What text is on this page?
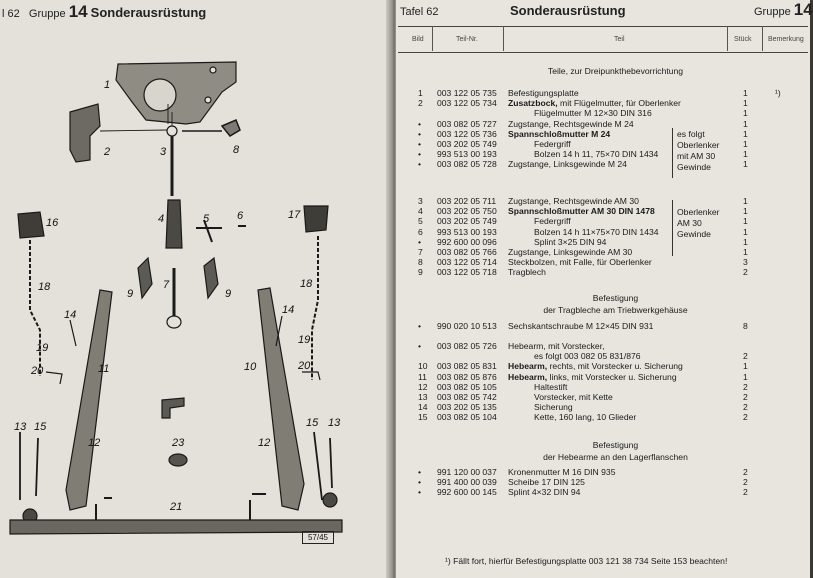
l 62 Gruppe 14 Sonderausrüstung
1
2	3	8
4	5	6
7
9	9
10
11
12	12
13	13
14	14
15	15
16
17
18	18
19
19
20	20
21
23
57/45
Tafel 62	Sonderausrüstung	Gruppe 14
Bild	Teil-Nr.	Teil	Stück Bemerkung
Teile, zur Dreipunkthebevorrichtung
1 003 122 05 735 Befestigungsplatte	1	¹)
2 003 122 05 734 Zusatzbock, mit Flügelmutter, für Oberlenker	1
Flügelmutter M 12×30 DIN 316	1
• 003 082 05 727 Zugstange, Rechtsgewinde M 24	1
• 003 122 05 736 Spannschloßmutter M 24	1
• 003 202 05 749	Federgriff	1
• 993 513 00 193	Bolzen 14 h 11, 75×70 DIN 1434	1
• 003 082 05 728 Zugstange, Linksgewinde M 24	1
3 003 202 05 711 Zugstange, Rechtsgewinde AM 30	1
4 003 202 05 750 Spannschloßmutter AM 30 DIN 1478	1
5 003 202 05 749	Federgriff	1
6 993 513 00 193	Bolzen 14 h 11×75×70 DIN 1434	1
• 992 600 00 096	Splint 3×25 DIN 94	1
7 003 082 05 766 Zugstange, Linksgewinde AM 30	1
8 003 122 05 714 Steckbolzen, mit Falle, für Oberlenker	3
9 003 122 05 718 Tragblech	2
• 990 020 10 513 Sechskantschraube M 12×45 DIN 931	8
• 003 082 05 726 Hebearm, mit Vorstecker,
es folgt 003 082 05 831/876	2
10 003 082 05 831 Hebearm, rechts, mit Vorstecker u. Sicherung	1
11 003 082 05 876 Hebearm, links, mit Vorstecker u. Sicherung	1
12 003 082 05 105	Haltestift	2
13 003 082 05 742	Vorstecker, mit Kette	2
14 003 202 05 135	Sicherung	2
15 003 082 05 104	Kette, 160 lang, 10 Glieder	2
• 991 120 00 037 Kronenmutter M 16 DIN 935	2
• 991 400 00 039 Scheibe 17 DIN 125	2
• 992 600 00 145 Splint 4×32 DIN 94	2
Befestigung
der Tragbleche am Triebwerkgehäuse
Befestigung
der Hebearme an den Lagerflanschen
es folgt
Oberlenker
mit AM 30
Gewinde
Oberlenker
AM 30
Gewinde
¹) Fällt fort, hierfür Befestigungsplatte 003 121 38 734 Seite 153 beachten!
